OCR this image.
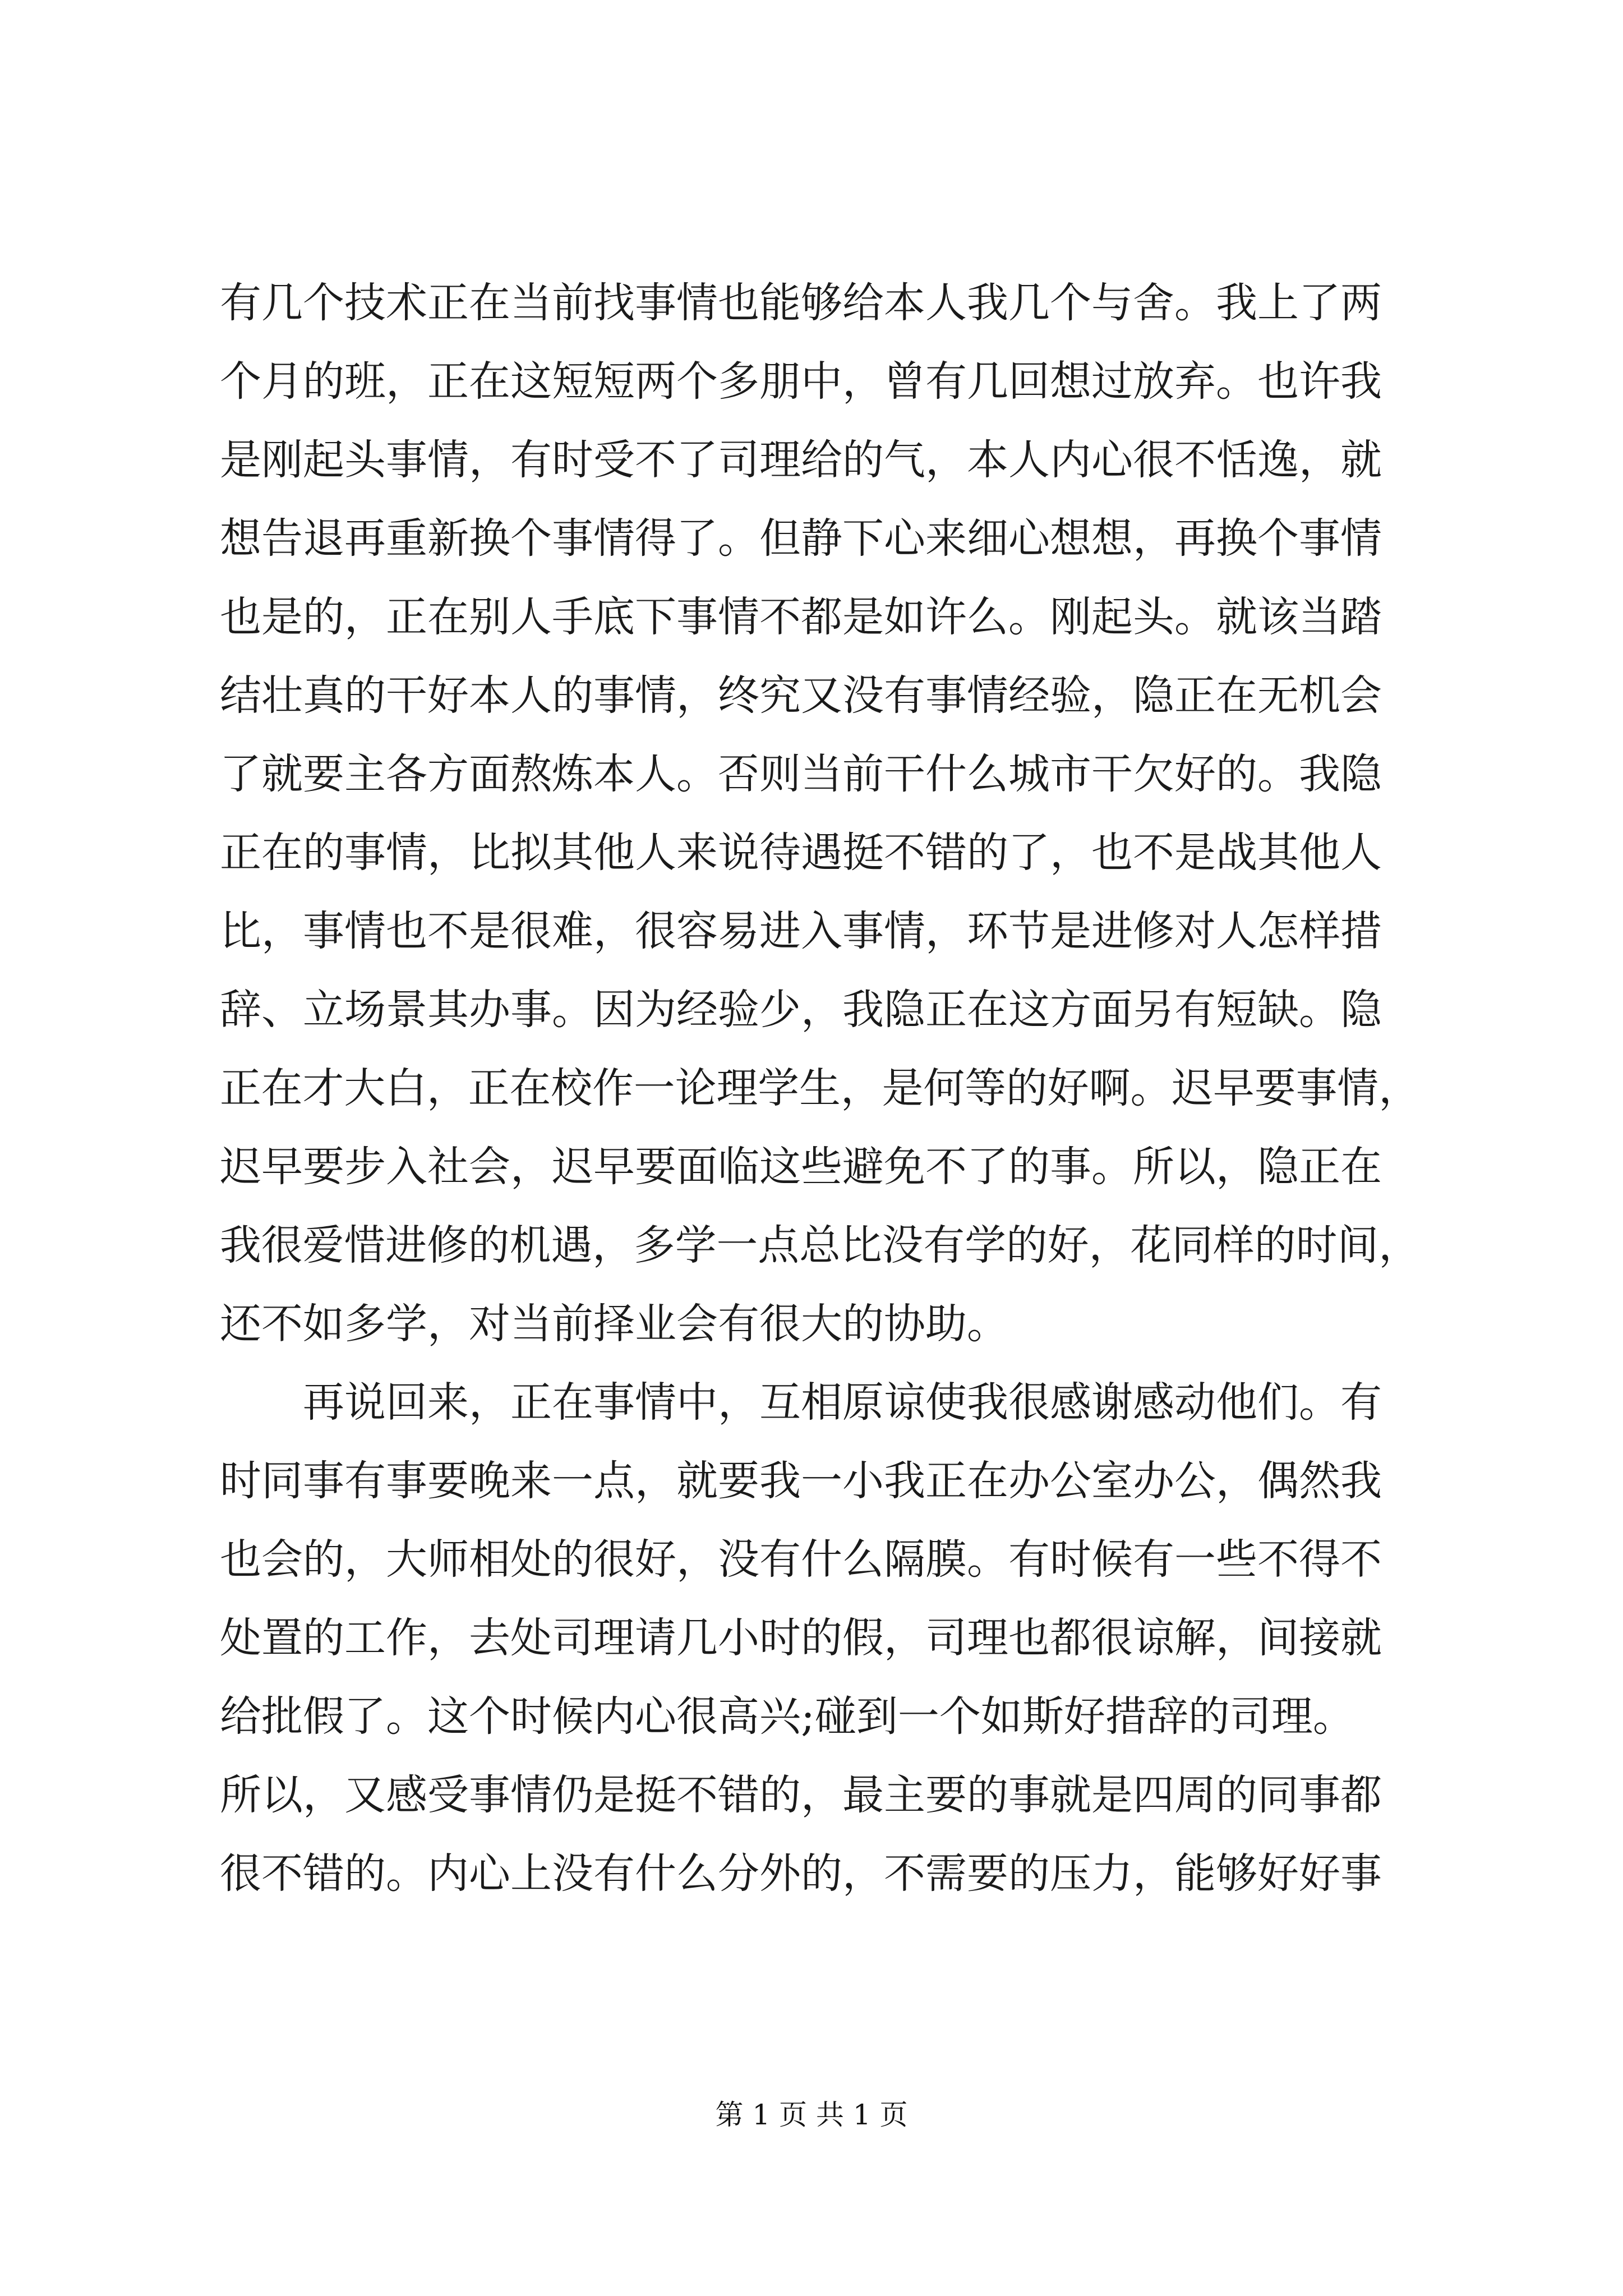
有几个技术正在当前找事情也能够给本人我几个与舍。我上了两
个月的班，正在这短短两个多朋中，曾有几回想过放弃。也许我
是刚起头事情，有时受不了司理给的气，本人内心很不恬逸，就
想告退再重新换个事情得了。但静下心来细心想想，再换个事情
也是的，正在别人手底下事情不都是如许么。刚起头。就该当踏
结壮真的干好本人的事情，终究又没有事情经验，隐正在无机会
了就要主各方面熬炼本人。否则当前干什么城市干欠好的。我隐
正在的事情，比拟其他人来说待遇挺不错的了，也不是战其他人
比，事情也不是很难，很容易进入事情，环节是进修对人怎样措
辞、立场景其办事。因为经验少，我隐正在这方面另有短缺。隐
正在才大白，正在校作一论理学生，是何等的好啊。迟早要事情，
迟早要步入社会，迟早要面临这些避免不了的事。所以，隐正在
我很爱惜进修的机遇，多学一点总比没有学的好，花同样的时间，
还不如多学，对当前择业会有很大的协助。
再说回来，正在事情中，互相原谅使我很感谢感动他们。有
时同事有事要晚来一点，就要我一小我正在办公室办公，偶然我
也会的，大师相处的很好，没有什么隔膜。有时候有一些不得不
处置的工作，去处司理请几小时的假，司理也都很谅解，间接就
给批假了。这个时候内心很高兴;碰到一个如斯好措辞的司理。
所以，又感受事情仍是挺不错的，最主要的事就是四周的同事都
很不错的。内心上没有什么分外的，不需要的压力，能够好好事
第 1 页 共 1 页
